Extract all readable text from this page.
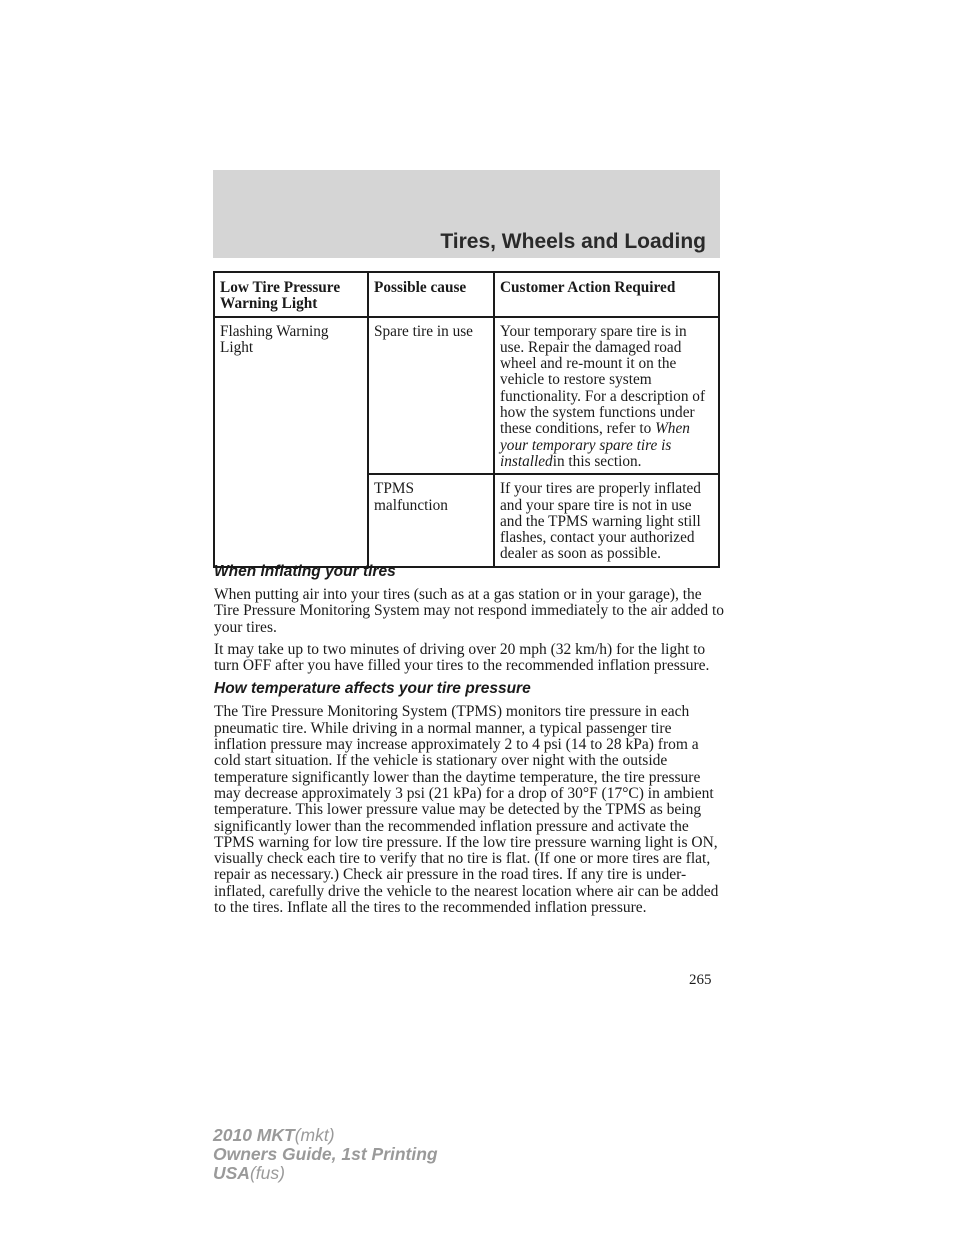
Tires, Wheels and Loading
Low Tire Pressure Warning Light	Possible cause	Customer Action Required
Flashing Warning Light	Spare tire in use	Your temporary spare tire is in use. Repair the damaged road wheel and re-mount it on the vehicle to restore system functionality. For a description of how the system functions under these conditions, refer to When your temporary spare tire is installedin this section.
	TPMS malfunction	If your tires are properly inflated and your spare tire is not in use and the TPMS warning light still flashes, contact your authorized dealer as soon as possible.
When inflating your tires

When putting air into your tires (such as at a gas station or in your garage), the Tire Pressure Monitoring System may not respond immediately to the air added to your tires.

It may take up to two minutes of driving over 20 mph (32 km/h) for the light to turn OFF after you have filled your tires to the recommended inflation pressure.

How temperature affects your tire pressure

The Tire Pressure Monitoring System (TPMS) monitors tire pressure in each pneumatic tire. While driving in a normal manner, a typical passenger tire inflation pressure may increase approximately 2 to 4 psi (14 to 28 kPa) from a cold start situation. If the vehicle is stationary over night with the outside temperature significantly lower than the daytime temperature, the tire pressure may decrease approximately 3 psi (21 kPa) for a drop of 30°F (17°C) in ambient temperature. This lower pressure value may be detected by the TPMS as being significantly lower than the recommended inflation pressure and activate the TPMS warning for low tire pressure. If the low tire pressure warning light is ON, visually check each tire to verify that no tire is flat. (If one or more tires are flat, repair as necessary.) Check air pressure in the road tires. If any tire is under-inflated, carefully drive the vehicle to the nearest location where air can be added to the tires. Inflate all the tires to the recommended inflation pressure.

265
2010 MKT(mkt)
Owners Guide, 1st Printing
USA(fus)
